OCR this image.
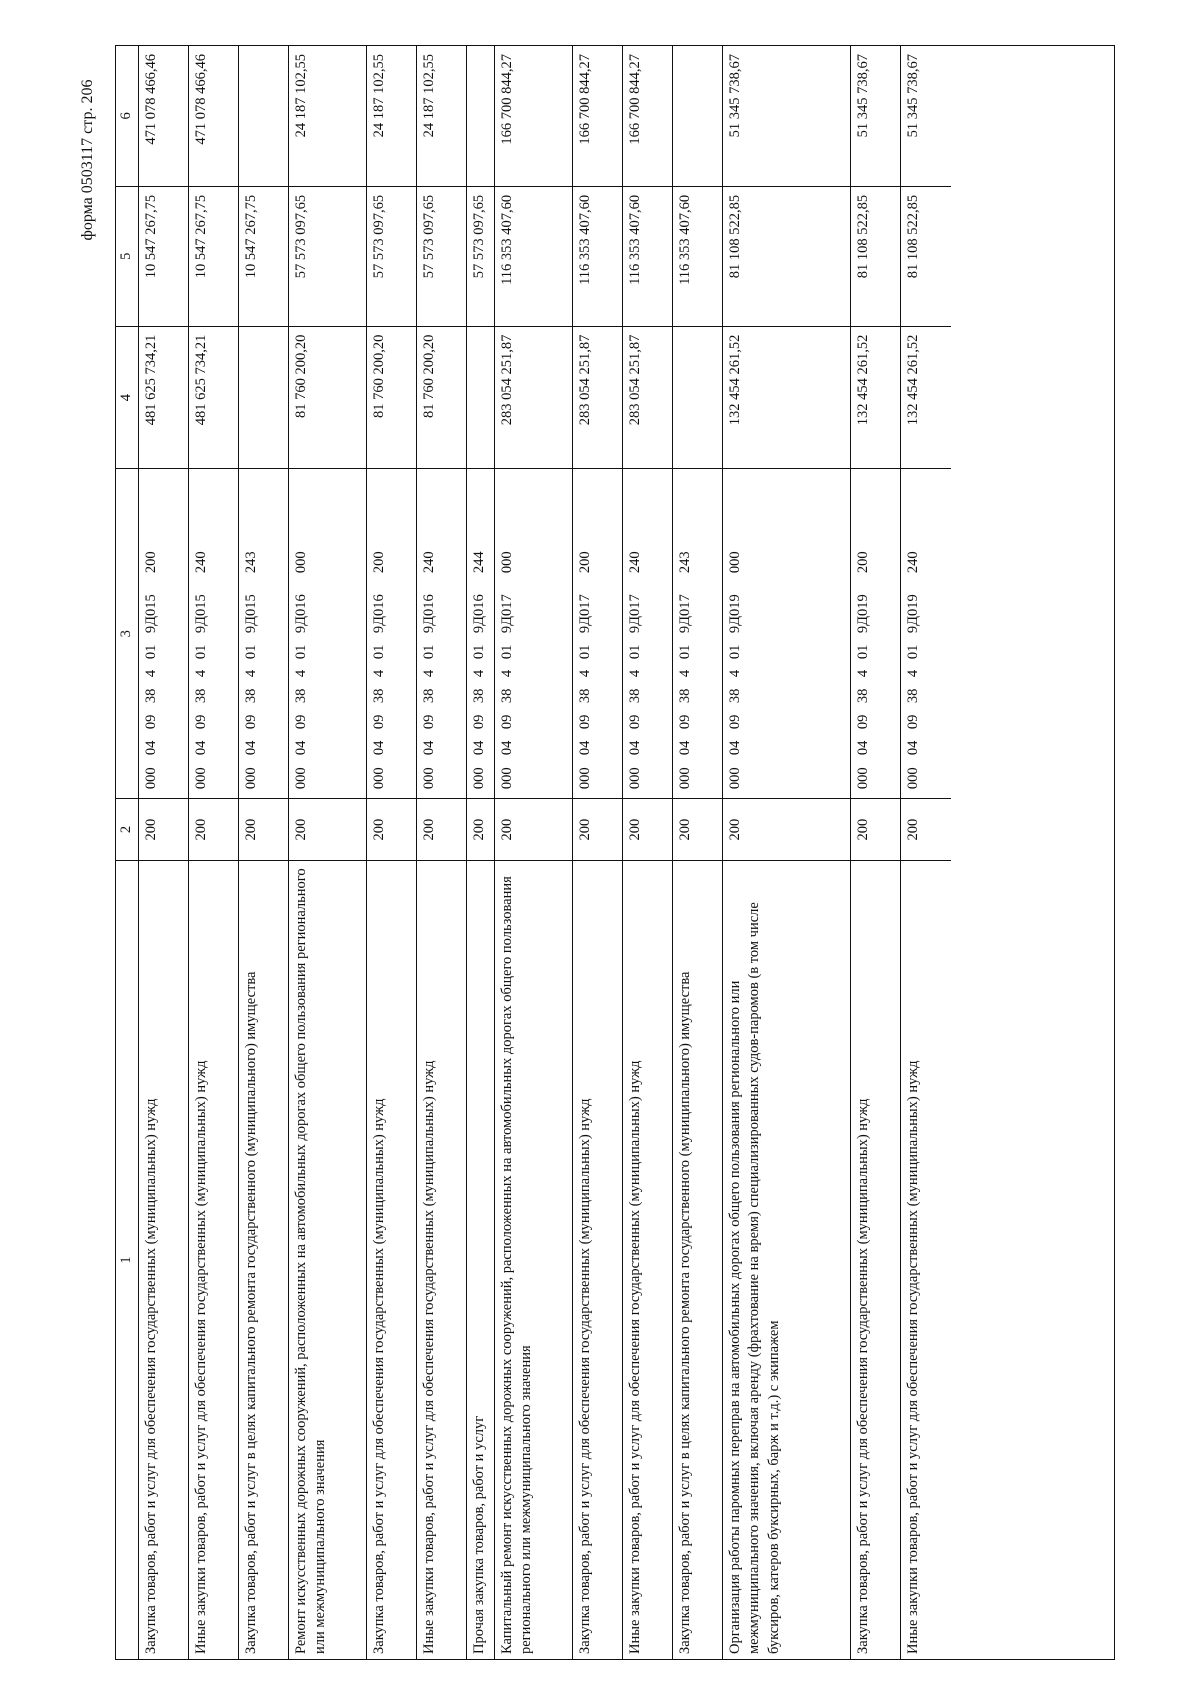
форма 0503117 стр. 206
1
2
3
4
5
6
Закупка товаров, работ и услуг для обеспечения государственных (муниципальных) нужд
200
000
04
09
38
4
01
9Д015
200
481 625 734,21
10 547 267,75
471 078 466,46
Иные закупки товаров, работ и услуг для обеспечения государственных (муниципальных) нужд
200
000
04
09
38
4
01
9Д015
240
481 625 734,21
10 547 267,75
471 078 466,46
Закупка товаров, работ и услуг в целях капитального ремонта государственного (муниципального) имущества
200
000
04
09
38
4
01
9Д015
243
10 547 267,75
Ремонт искусственных дорожных сооружений, расположенных на автомобильных дорогах общего пользования регионального или межмуниципального значения
200
000
04
09
38
4
01
9Д016
000
81 760 200,20
57 573 097,65
24 187 102,55
Закупка товаров, работ и услуг для обеспечения государственных (муниципальных) нужд
200
000
04
09
38
4
01
9Д016
200
81 760 200,20
57 573 097,65
24 187 102,55
Иные закупки товаров, работ и услуг для обеспечения государственных (муниципальных) нужд
200
000
04
09
38
4
01
9Д016
240
81 760 200,20
57 573 097,65
24 187 102,55
Прочая закупка товаров, работ и услуг
200
000
04
09
38
4
01
9Д016
244
57 573 097,65
Капитальный ремонт искусственных дорожных сооружений, расположенных на автомобильных дорогах общего пользования регионального или межмуниципального значения
200
000
04
09
38
4
01
9Д017
000
283 054 251,87
116 353 407,60
166 700 844,27
Закупка товаров, работ и услуг для обеспечения государственных (муниципальных) нужд
200
000
04
09
38
4
01
9Д017
200
283 054 251,87
116 353 407,60
166 700 844,27
Иные закупки товаров, работ и услуг для обеспечения государственных (муниципальных) нужд
200
000
04
09
38
4
01
9Д017
240
283 054 251,87
116 353 407,60
166 700 844,27
Закупка товаров, работ и услуг в целях капитального ремонта государственного (муниципального) имущества
200
000
04
09
38
4
01
9Д017
243
116 353 407,60
Организация работы паромных переправ на автомобильных дорогах общего пользования регионального или межмуниципального значения, включая аренду (фрахтование на время) специализированных судов-паромов (в том числе буксиров, катеров буксирных, барж и т.д.) с экипажем
200
000
04
09
38
4
01
9Д019
000
132 454 261,52
81 108 522,85
51 345 738,67
Закупка товаров, работ и услуг для обеспечения государственных (муниципальных) нужд
200
000
04
09
38
4
01
9Д019
200
132 454 261,52
81 108 522,85
51 345 738,67
Иные закупки товаров, работ и услуг для обеспечения государственных (муниципальных) нужд
200
000
04
09
38
4
01
9Д019
240
132 454 261,52
81 108 522,85
51 345 738,67
